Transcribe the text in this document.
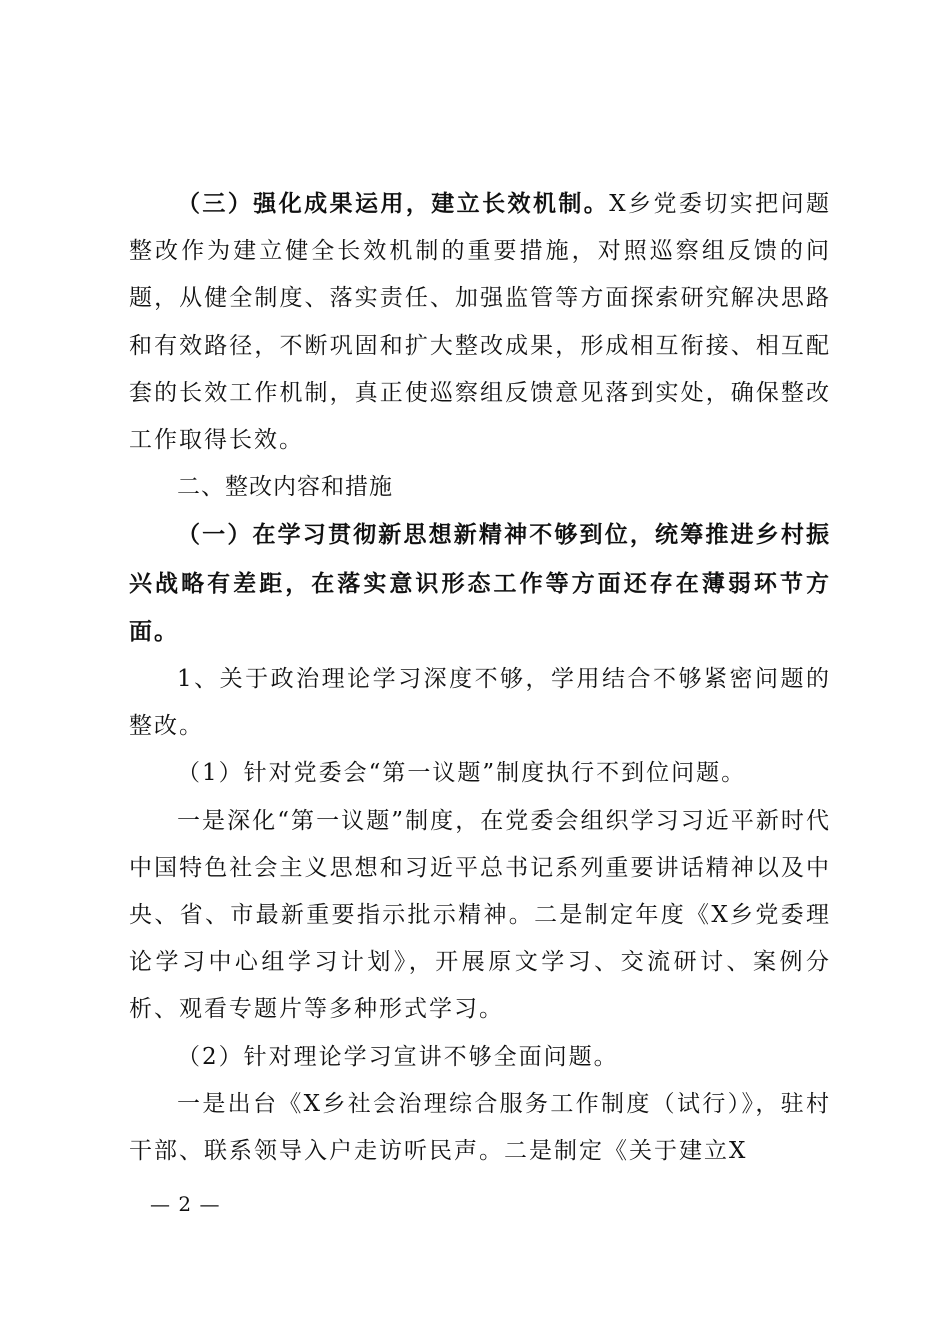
（三）强化成果运用，建立长效机制。X乡党委切实把问题整改作为建立健全长效机制的重要措施，对照巡察组反馈的问题，从健全制度、落实责任、加强监管等方面探索研究解决思路和有效路径，不断巩固和扩大整改成果，形成相互衔接、相互配套的长效工作机制，真正使巡察组反馈意见落到实处，确保整改工作取得长效。

二、整改内容和措施

（一）在学习贯彻新思想新精神不够到位，统筹推进乡村振兴战略有差距，在落实意识形态工作等方面还存在薄弱环节方面。

1、关于政治理论学习深度不够，学用结合不够紧密问题的整改。

（1）针对党委会“第一议题”制度执行不到位问题。

一是深化“第一议题”制度，在党委会组织学习习近平新时代中国特色社会主义思想和习近平总书记系列重要讲话精神以及中央、省、市最新重要指示批示精神。二是制定年度《X乡党委理论学习中心组学习计划》，开展原文学习、交流研讨、案例分析、观看专题片等多种形式学习。

（2）针对理论学习宣讲不够全面问题。

一是出台《X乡社会治理综合服务工作制度（试行）》，驻村干部、联系领导入户走访听民声。二是制定《关于建立X

— 2 —
